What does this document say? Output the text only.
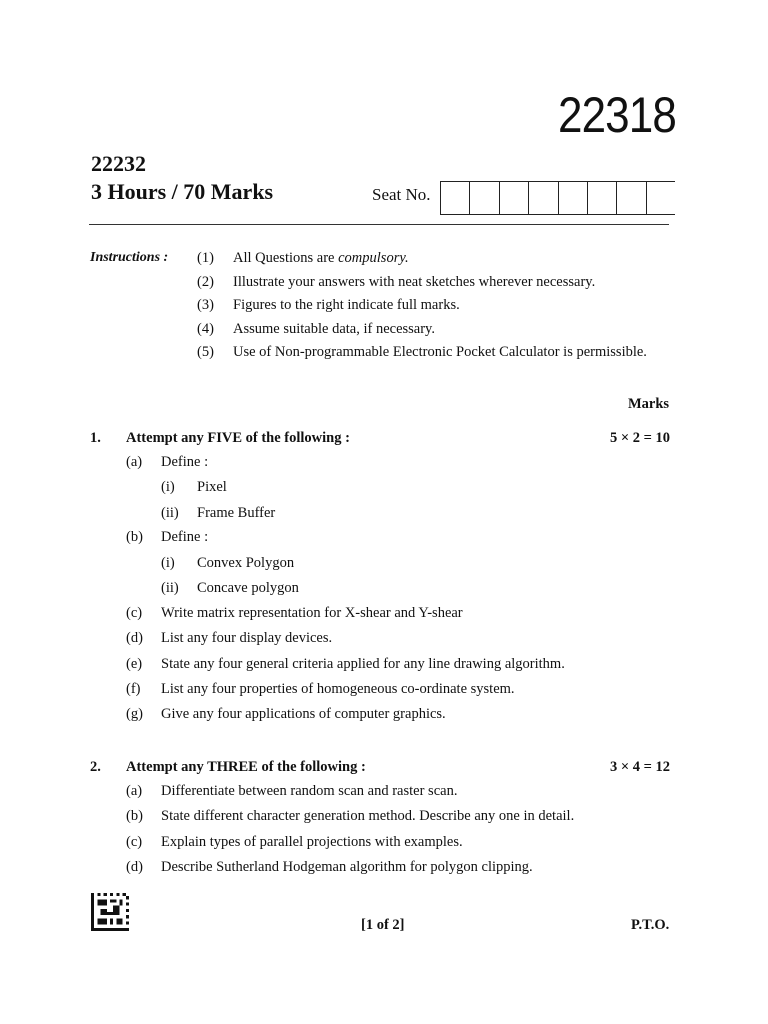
22318
22232
3 Hours / 70 Marks	Seat No.
Instructions : (1)	All Questions are compulsory.
(2)	Illustrate your answers with neat sketches wherever necessary.
(3)	Figures to the right indicate full marks.
(4)	Assume suitable data, if necessary.
(5)	Use of Non-programmable Electronic Pocket Calculator is permissible.
Marks
1. Attempt any FIVE of the following :	5 × 2 = 10
(a)	Define :
(i)	Pixel
(ii)	Frame Buffer
(b)	Define :
(i)	Convex Polygon
(ii)	Concave polygon
(c)	Write matrix representation for X-shear and Y-shear
(d)	List any four display devices.
(e)	State any four general criteria applied for any line drawing algorithm.
(f)	List any four properties of homogeneous co-ordinate system.
(g)	Give any four applications of computer graphics.
2. Attempt any THREE of the following :	3 × 4 = 12
(a)	Differentiate between random scan and raster scan.
(b)	State different character generation method. Describe any one in detail.
(c)	Explain types of parallel projections with examples.
(d)	Describe Sutherland Hodgeman algorithm for polygon clipping.
[1 of 2]	P.T.O.
